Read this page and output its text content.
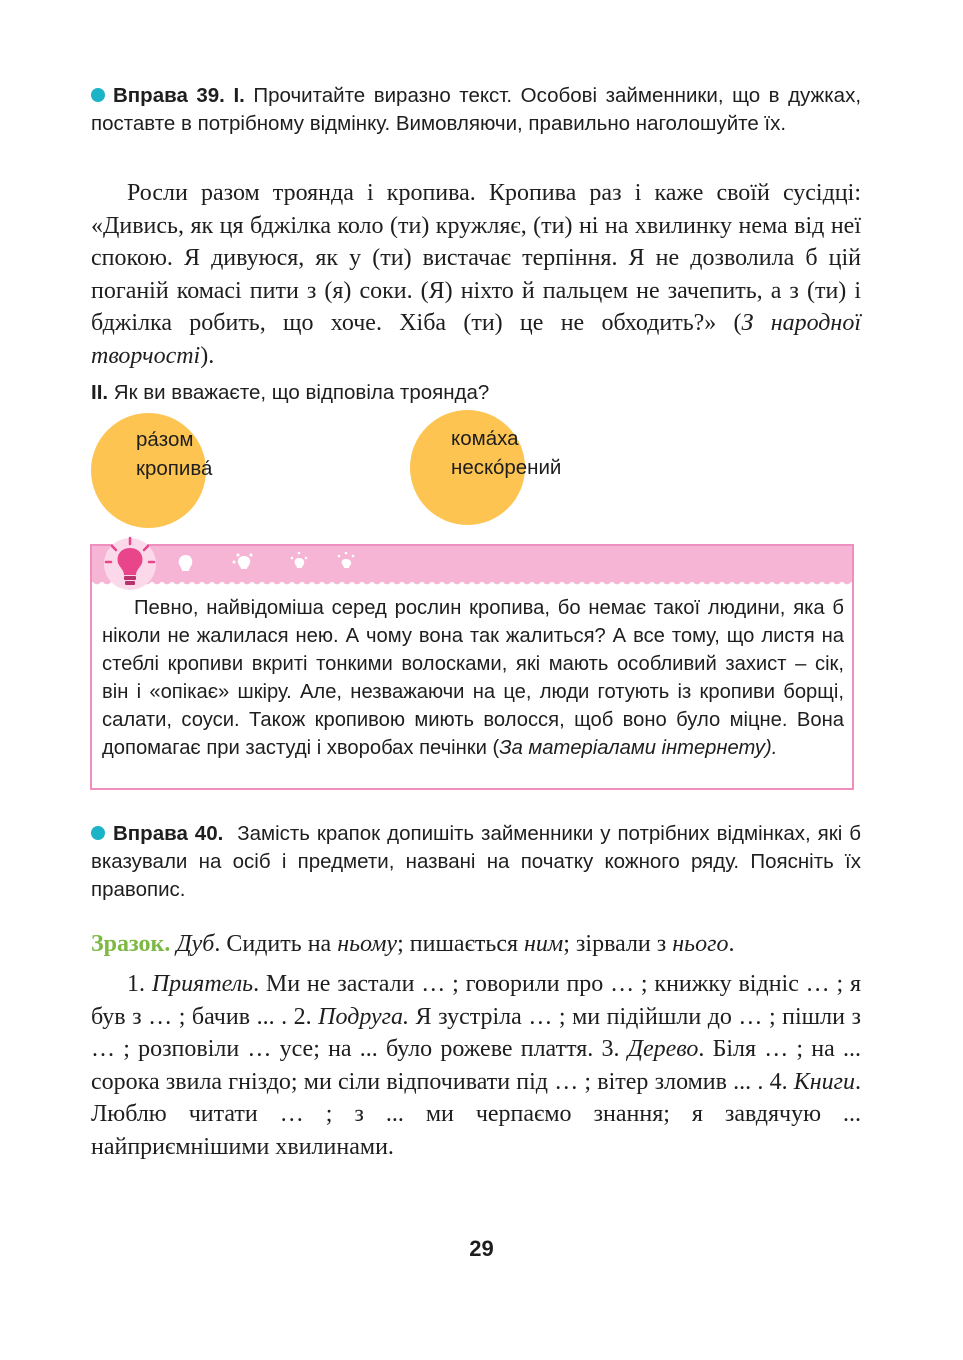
Вправа 39. I. Прочитайте виразно текст. Особові займенники, що в дужках, поставте в потрібному відмінку. Вимовляючи, правильно наголошуйте їх.

Росли разом троянда і кропива. Кропива раз і каже своїй сусідці: «Дивись, як ця бджілка коло (ти) кружляє, (ти) ні на хвилинку нема від неї спокою. Я дивуюся, як у (ти) вистачає терпіння. Я не дозволила б цій поганій комасі пити з (я) соки. (Я) ніхто й пальцем не зачепить, а з (ти) і бджілка робить, що хоче. Хіба (ти) це не обходить?» (З народної творчості).

II. Як ви вважаєте, що відповіла троянда?
ра́зом
кропива́
кома́ха
нескóрений

Певно, найвідоміша серед рослин кропива, бо немає такої людини, яка б ніколи не жалилася нею. А чому вона так жалиться? А все тому, що листя на стеблі кропиви вкриті тонкими волосками, які мають особливий захист – сік, він і «опікає» шкіру. Але, незважаючи на це, люди готують із кропиви борщі, салати, соуси. Також кропивою миють волосся, щоб воно було міцне. Вона допомагає при застуді і хворобах печінки (За матеріалами інтернету).

Вправа 40. Замість крапок допишіть займенники у потрібних відмінках, які б вказували на осіб і предмети, названі на початку кожного ряду. Поясніть їх правопис.
Зразок. Дуб. Сидить на ньому; пишається ним; зірвали з нього.

1. Приятель. Ми не застали … ; говорили про … ; книжку відніс … ; я був з … ; бачив ... . 2. Подруга. Я зустріла … ; ми підійшли до … ; пішли з … ; розповіли … усе; на ... було рожеве плаття. 3. Дерево. Біля … ; на ... сорока звила гніздо; ми сіли відпочивати під … ; вітер зломив ... . 4. Книги. Люблю читати … ; з ... ми черпаємо знання; я завдячую ... найприємнішими хвилинами.

29
